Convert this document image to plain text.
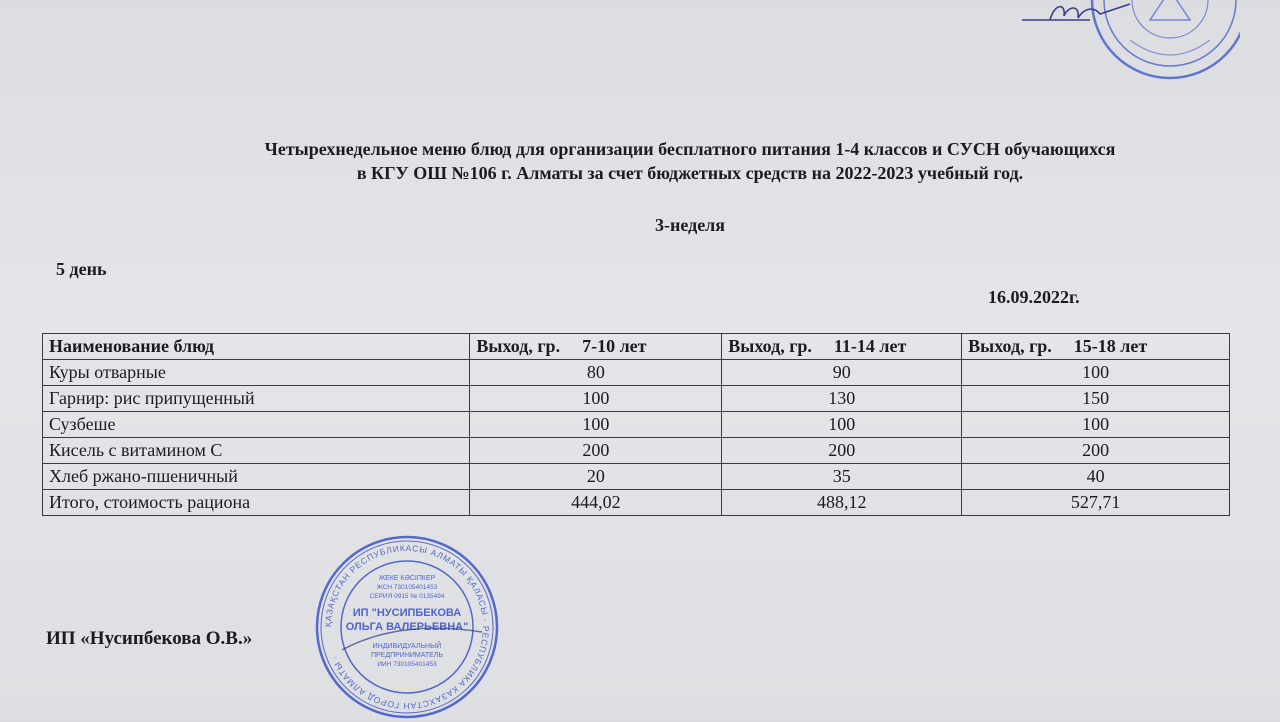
Четырехнедельное меню блюд для организации бесплатного питания 1-4 классов и СУСН обучающихся
в КГУ ОШ №106 г. Алматы за счет бюджетных средств на 2022-2023 учебный год.
3-неделя
5 день
16.09.2022г.
Наименование блюд	Выход, гр. 7-10 лет	Выход, гр. 11-14 лет	Выход, гр. 15-18 лет
Куры отварные	80	90	100
Гарнир: рис припущенный	100	130	150
Сузбеше	100	100	100
Кисель с витамином С	200	200	200
Хлеб ржано-пшеничный	20	35	40
Итого, стоимость рациона	444,02	488,12	527,71
ИП «Нусипбекова О.В.»
ҚАЗАҚСТАН РЕСПУБЛИКАСЫ АЛМАТЫ ҚАЛАСЫ · РЕСПУБЛИКА КАЗАХСТАН ГОРОД АЛМАТЫ ·
ЖЕКЕ КӘСІПКЕР
ЖСН 730105401453
СЕРИЯ 0915 № 0135494
ИП "НУСИПБЕКОВА
ОЛЬГА ВАЛЕРЬЕВНА"
ИНДИВИДУАЛЬНЫЙ
ПРЕДПРИНИМАТЕЛЬ
ИИН 730105401453
